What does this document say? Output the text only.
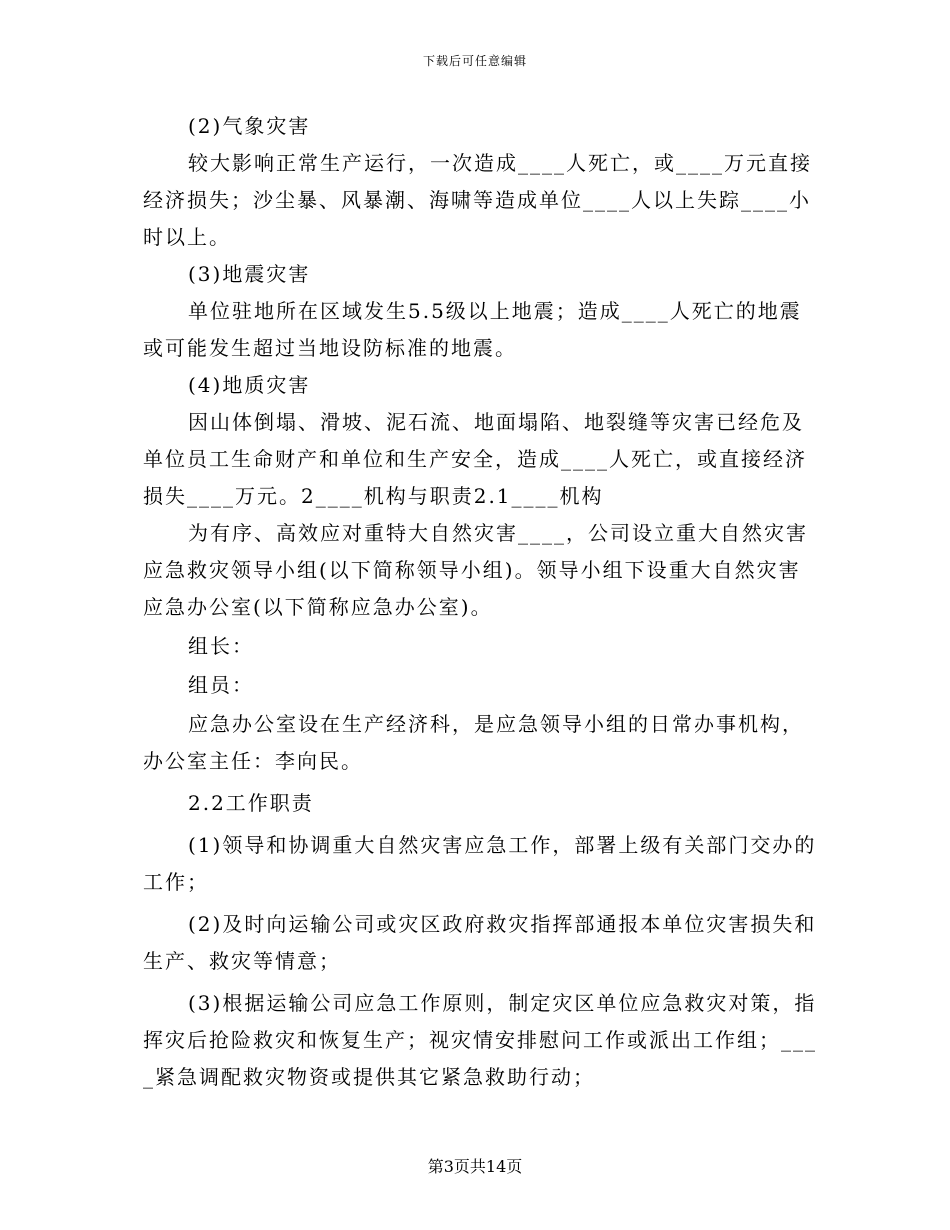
下载后可任意编辑
(2)气象灾害
较大影响正常生产运行，一次造成____人死亡，或____万元直接
经济损失；沙尘暴、风暴潮、海啸等造成单位____人以上失踪____小
时以上。
(3)地震灾害
单位驻地所在区域发生5.5级以上地震；造成____人死亡的地震
或可能发生超过当地设防标准的地震。
(4)地质灾害
因山体倒塌、滑坡、泥石流、地面塌陷、地裂缝等灾害已经危及
单位员工生命财产和单位和生产安全，造成____人死亡，或直接经济
损失____万元。2____机构与职责2.1____机构
为有序、高效应对重特大自然灾害____，公司设立重大自然灾害
应急救灾领导小组(以下简称领导小组)。领导小组下设重大自然灾害
应急办公室(以下简称应急办公室)。
组长：
组员：
应急办公室设在生产经济科，是应急领导小组的日常办事机构，
办公室主任：李向民。
2.2工作职责
(1)领导和协调重大自然灾害应急工作，部署上级有关部门交办的
工作；
(2)及时向运输公司或灾区政府救灾指挥部通报本单位灾害损失和
生产、救灾等情意；
(3)根据运输公司应急工作原则，制定灾区单位应急救灾对策，指
挥灾后抢险救灾和恢复生产；视灾情安排慰问工作或派出工作组；___
_紧急调配救灾物资或提供其它紧急救助行动；
第3页共14页
